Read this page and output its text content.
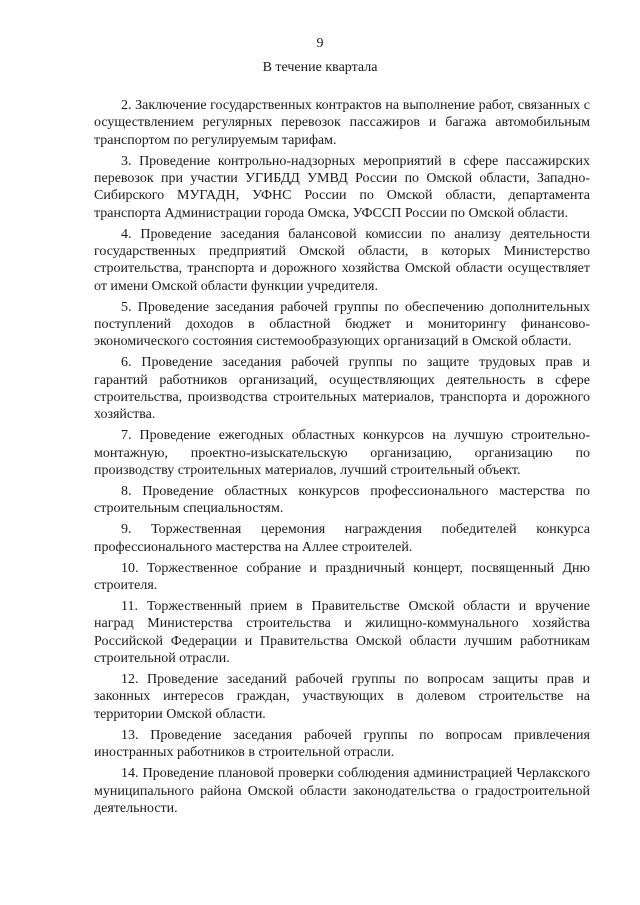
9
В течение квартала

2. Заключение государственных контрактов на выполнение работ, связанных с осуществлением регулярных перевозок пассажиров и багажа автомобильным транспортом по регулируемым тарифам.

3. Проведение контрольно-надзорных мероприятий в сфере пассажирских перевозок при участии УГИБДД УМВД России по Омской области, Западно-Сибирского МУГАДН, УФНС России по Омской области, департамента транспорта Администрации города Омска, УФССП России по Омской области.

4. Проведение заседания балансовой комиссии по анализу деятельности государственных предприятий Омской области, в которых Министерство строительства, транспорта и дорожного хозяйства Омской области осуществляет от имени Омской области функции учредителя.

5. Проведение заседания рабочей группы по обеспечению дополнительных поступлений доходов в областной бюджет и мониторингу финансово-экономического состояния системообразующих организаций в Омской области.

6. Проведение заседания рабочей группы по защите трудовых прав и гарантий работников организаций, осуществляющих деятельность в сфере строительства, производства строительных материалов, транспорта и дорожного хозяйства.

7. Проведение ежегодных областных конкурсов на лучшую строительно-монтажную, проектно-изыскательскую организацию, организацию по производству строительных материалов, лучший строительный объект.

8. Проведение областных конкурсов профессионального мастерства по строительным специальностям.

9. Торжественная церемония награждения победителей конкурса профессионального мастерства на Аллее строителей.

10. Торжественное собрание и праздничный концерт, посвященный Дню строителя.

11. Торжественный прием в Правительстве Омской области и вручение наград Министерства строительства и жилищно-коммунального хозяйства Российской Федерации и Правительства Омской области лучшим работникам строительной отрасли.

12. Проведение заседаний рабочей группы по вопросам защиты прав и законных интересов граждан, участвующих в долевом строительстве на территории Омской области.

13. Проведение заседания рабочей группы по вопросам привлечения иностранных работников в строительной отрасли.

14. Проведение плановой проверки соблюдения администрацией Черлакского муниципального района Омской области законодательства о градостроительной деятельности.
